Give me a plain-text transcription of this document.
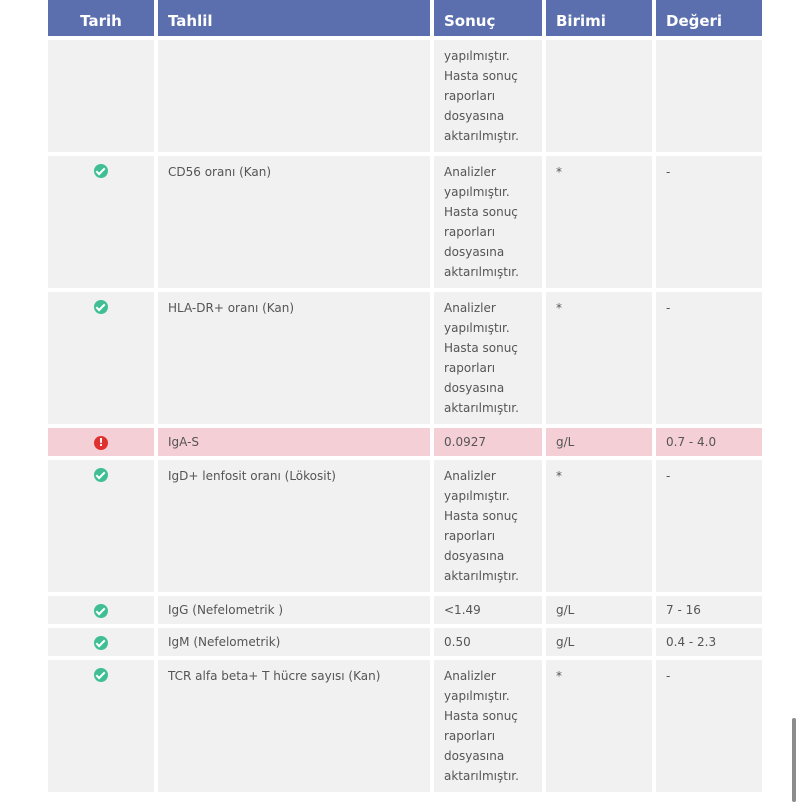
Tarih	Tahlil	Sonuç	Birimi	Değeri
		yapılmıştır. Hasta sonuç raporları dosyasına aktarılmıştır.		
	CD56 oranı (Kan)	Analizler yapılmıştır. Hasta sonuç raporları dosyasına aktarılmıştır.	*	-
	HLA-DR+ oranı (Kan)	Analizler yapılmıştır. Hasta sonuç raporları dosyasına aktarılmıştır.	*	-
!	IgA-S	0.0927	g/L	0.7 - 4.0
	IgD+ lenfosit oranı (Lökosit)	Analizler yapılmıştır. Hasta sonuç raporları dosyasına aktarılmıştır.	*	-
	IgG (Nefelometrik )	<1.49	g/L	7 - 16
	IgM (Nefelometrik)	0.50	g/L	0.4 - 2.3
	TCR alfa beta+ T hücre sayısı (Kan)	Analizler yapılmıştır. Hasta sonuç raporları dosyasına aktarılmıştır.	*	-
